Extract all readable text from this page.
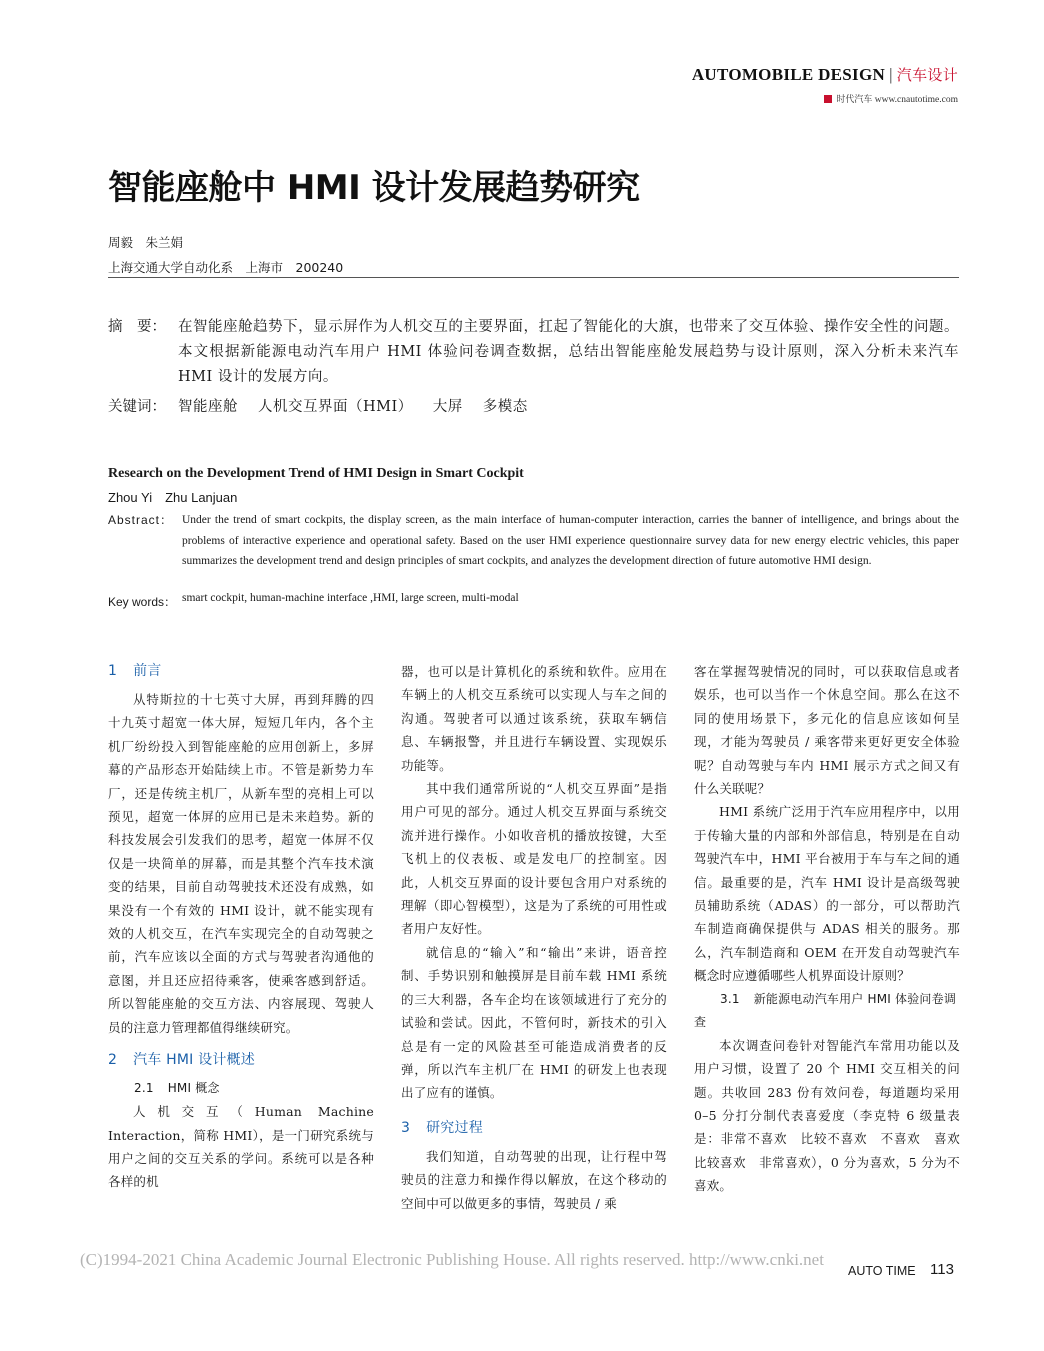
AUTOMOBILE DESIGN | 汽车设计
时代汽车 www.cnautotime.com
智能座舱中 HMI 设计发展趋势研究
周毅　朱兰娟
上海交通大学自动化系　上海市　200240
摘　要： 在智能座舱趋势下，显示屏作为人机交互的主要界面，扛起了智能化的大旗，也带来了交互体验、操作安全性的问题。本文根据新能源电动汽车用户 HMI 体验问卷调查数据，总结出智能座舱发展趋势与设计原则，深入分析未来汽车 HMI 设计的发展方向。
关键词： 智能座舱 人机交互界面（HMI） 大屏 多模态
Research on the Development Trend of HMI Design in Smart Cockpit
Zhou Yi　Zhu Lanjuan
Abstract： Under the trend of smart cockpits, the display screen, as the main interface of human-computer interaction, carries the banner of intelligence, and brings about the problems of interactive experience and operational safety. Based on the user HMI experience questionnaire survey data for new energy electric vehicles, this paper summarizes the development trend and design principles of smart cockpits, and analyzes the development direction of future automotive HMI design.
Key words： smart cockpit, human-machine interface ,HMI, large screen, multi-modal
1 前言

从特斯拉的十七英寸大屏，再到拜腾的四十九英寸超宽一体大屏，短短几年内，各个主机厂纷纷投入到智能座舱的应用创新上，多屏幕的产品形态开始陆续上市。不管是新势力车厂，还是传统主机厂，从新车型的亮相上可以预见，超宽一体屏的应用已是未来趋势。新的科技发展会引发我们的思考，超宽一体屏不仅仅是一块简单的屏幕，而是其整个汽车技术演变的结果，目前自动驾驶技术还没有成熟，如果没有一个有效的 HMI 设计，就不能实现有效的人机交互，在汽车实现完全的自动驾驶之前，汽车应该以全面的方式与驾驶者沟通他的意图，并且还应招待乘客，使乘客感到舒适。所以智能座舱的交互方法、内容展现、驾驶人员的注意力管理都值得继续研究。

2 汽车 HMI 设计概述
2.1 HMI 概念

人机交互（Human Machine Interaction，简称 HMI），是一门研究系统与用户之间的交互关系的学问。系统可以是各种各样的机

器，也可以是计算机化的系统和软件。应用在车辆上的人机交互系统可以实现人与车之间的沟通。驾驶者可以通过该系统，获取车辆信息、车辆报警，并且进行车辆设置、实现娱乐功能等。

其中我们通常所说的“人机交互界面”是指用户可见的部分。通过人机交互界面与系统交流并进行操作。小如收音机的播放按键，大至飞机上的仪表板、或是发电厂的控制室。因此，人机交互界面的设计要包含用户对系统的理解（即心智模型），这是为了系统的可用性或者用户友好性。

就信息的“输入”和“输出”来讲，语音控制、手势识别和触摸屏是目前车载 HMI 系统的三大利器，各车企均在该领域进行了充分的试验和尝试。因此，不管何时，新技术的引入总是有一定的风险甚至可能造成消费者的反弹，所以汽车主机厂在 HMI 的研发上也表现出了应有的谨慎。

3 研究过程

我们知道，自动驾驶的出现，让行程中驾驶员的注意力和操作得以解放，在这个移动的空间中可以做更多的事情，驾驶员 / 乘

客在掌握驾驶情况的同时，可以获取信息或者娱乐，也可以当作一个休息空间。那么在这不同的使用场景下，多元化的信息应该如何呈现，才能为驾驶员 / 乘客带来更好更安全体验呢？自动驾驶与车内 HMI 展示方式之间又有什么关联呢？

HMI 系统广泛用于汽车应用程序中，以用于传输大量的内部和外部信息，特别是在自动驾驶汽车中，HMI 平台被用于车与车之间的通信。最重要的是，汽车 HMI 设计是高级驾驶员辅助系统（ADAS）的一部分，可以帮助汽车制造商确保提供与 ADAS 相关的服务。那么，汽车制造商和 OEM 在开发自动驾驶汽车概念时应遵循哪些人机界面设计原则？

3.1 新能源电动汽车用户 HMI 体验问卷调查

本次调查问卷针对智能汽车常用功能以及用户习惯，设置了 20 个 HMI 交互相关的问题。共收回 283 份有效问卷，每道题均采用 0–5 分打分制代表喜爱度（李克特 6 级量表是：非常不喜欢　比较不喜欢　不喜欢　喜欢　比较喜欢　非常喜欢），0 分为喜欢，5 分为不喜欢。

(C)1994-2021 China Academic Journal Electronic Publishing House. All rights reserved. http://www.cnki.net
AUTO TIME 113
